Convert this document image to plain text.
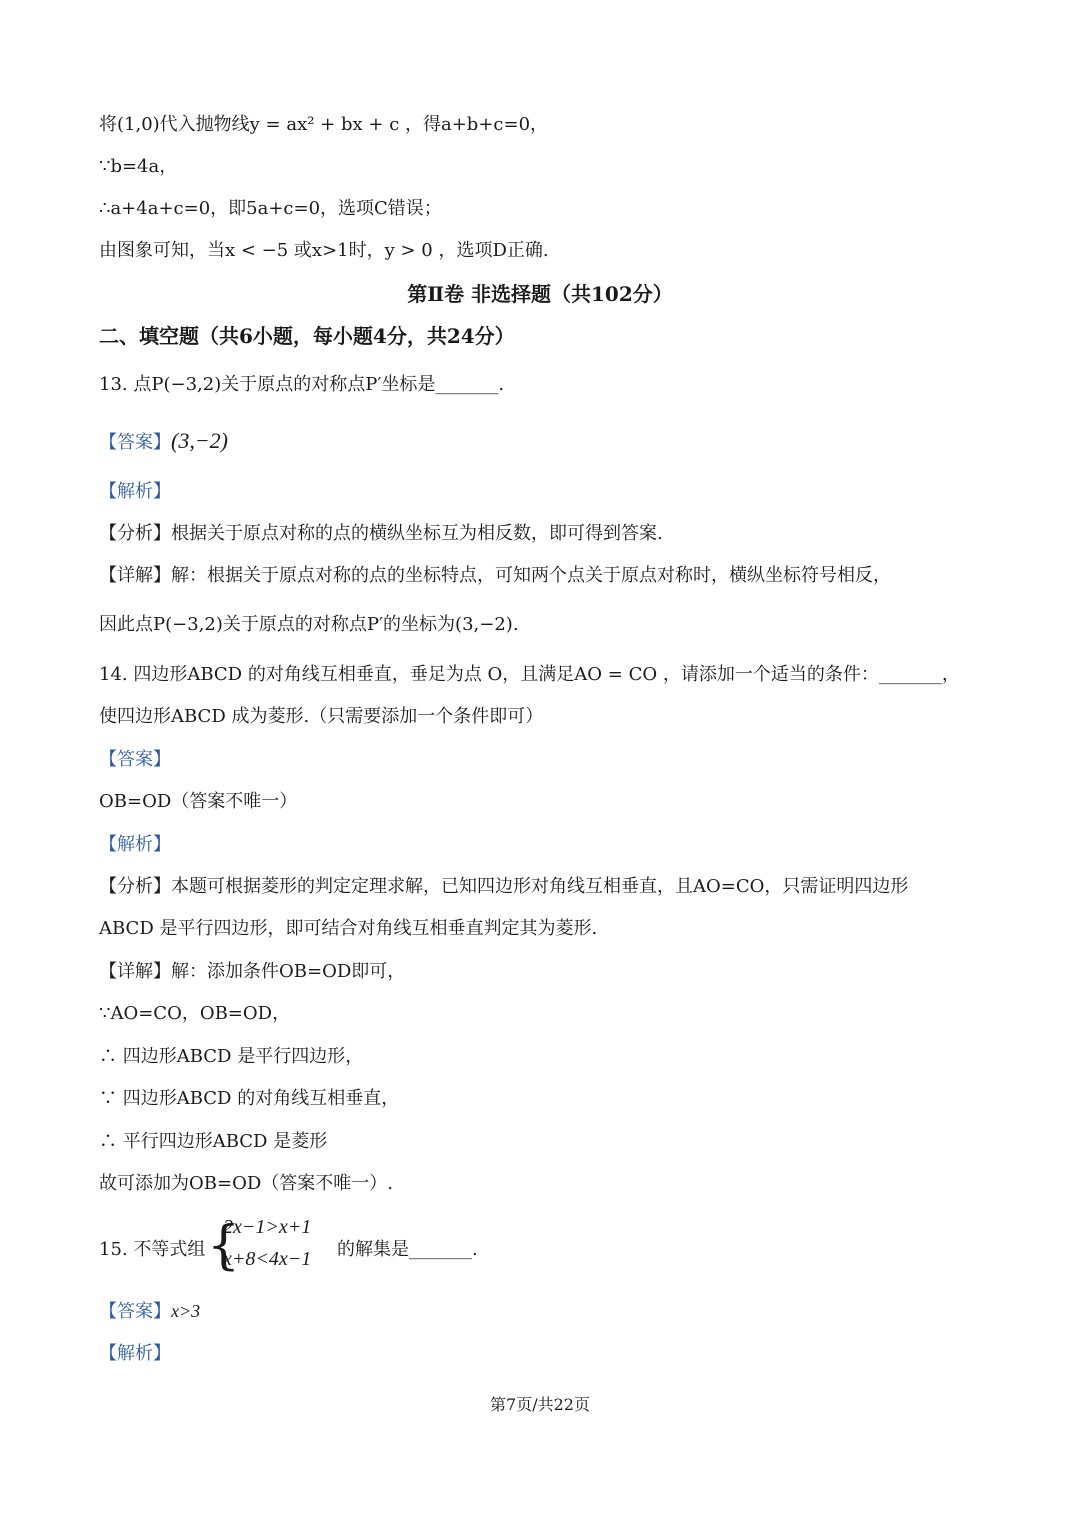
将(1,0)代入抛物线y = ax² + bx + c ，得a+b+c=0，
∵b=4a，
∴a+4a+c=0，即5a+c=0，选项C错误；
由图象可知，当x < −5 或x>1时，y > 0 ，选项D正确.
第Ⅱ卷 非选择题（共102分）
二、填空题（共6小题，每小题4分，共24分）
13. 点P(−3,2)关于原点的对称点P′坐标是_______.
【答案】(3,−2)
【解析】
【分析】根据关于原点对称的点的横纵坐标互为相反数，即可得到答案.
【详解】解：根据关于原点对称的点的坐标特点，可知两个点关于原点对称时，横纵坐标符号相反，
因此点P(−3,2)关于原点的对称点P′的坐标为(3,−2).
14. 四边形ABCD 的对角线互相垂直，垂足为点 O，且满足AO = CO ，请添加一个适当的条件：_______，
使四边形ABCD 成为菱形.（只需要添加一个条件即可）
【答案】
OB=OD（答案不唯一）
【解析】
【分析】本题可根据菱形的判定定理求解，已知四边形对角线互相垂直，且AO=CO，只需证明四边形
ABCD 是平行四边形，即可结合对角线互相垂直判定其为菱形.
【详解】解：添加条件OB=OD即可，
∵AO=CO，OB=OD，
∴ 四边形ABCD 是平行四边形，
∵ 四边形ABCD 的对角线互相垂直，
∴ 平行四边形ABCD 是菱形
故可添加为OB=OD（答案不唯一）.
15. 不等式组 {
2x−1>x+1
x+8<4x−1 的解集是_______.
【答案】x>3
【解析】
第7页/共22页
